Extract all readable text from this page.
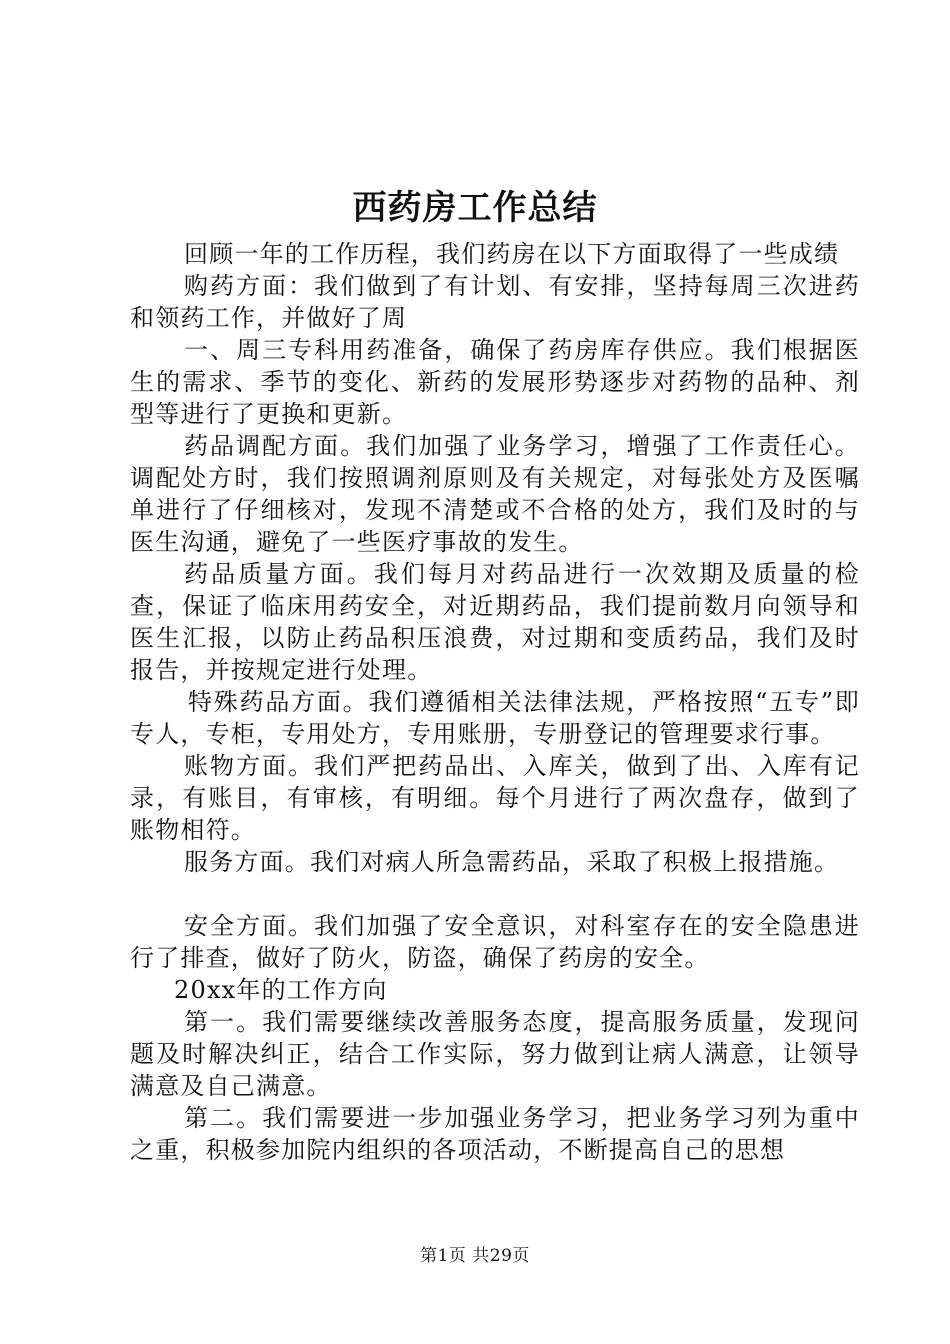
西药房工作总结

回顾一年的工作历程，我们药房在以下方面取得了一些成绩

购药方面：我们做到了有计划、有安排，坚持每周三次进药和领药工作，并做好了周

一、周三专科用药准备，确保了药房库存供应。我们根据医生的需求、季节的变化、新药的发展形势逐步对药物的品种、剂型等进行了更换和更新。

药品调配方面。我们加强了业务学习，增强了工作责任心。调配处方时，我们按照调剂原则及有关规定，对每张处方及医嘱单进行了仔细核对，发现不清楚或不合格的处方，我们及时的与医生沟通，避免了一些医疗事故的发生。

药品质量方面。我们每月对药品进行一次效期及质量的检查，保证了临床用药安全，对近期药品，我们提前数月向领导和医生汇报，以防止药品积压浪费，对过期和变质药品，我们及时报告，并按规定进行处理。

特殊药品方面。我们遵循相关法律法规，严格按照“五专”即专人，专柜，专用处方，专用账册，专册登记的管理要求行事。

账物方面。我们严把药品出、入库关，做到了出、入库有记录，有账目，有审核，有明细。每个月进行了两次盘存，做到了账物相符。

服务方面。我们对病人所急需药品，采取了积极上报措施。

安全方面。我们加强了安全意识，对科室存在的安全隐患进行了排查，做好了防火，防盗，确保了药房的安全。

20xx年的工作方向

第一。我们需要继续改善服务态度，提高服务质量，发现问题及时解决纠正，结合工作实际，努力做到让病人满意，让领导满意及自己满意。

第二。我们需要进一步加强业务学习，把业务学习列为重中之重，积极参加院内组织的各项活动，不断提高自己的思想

第1页 共29页
